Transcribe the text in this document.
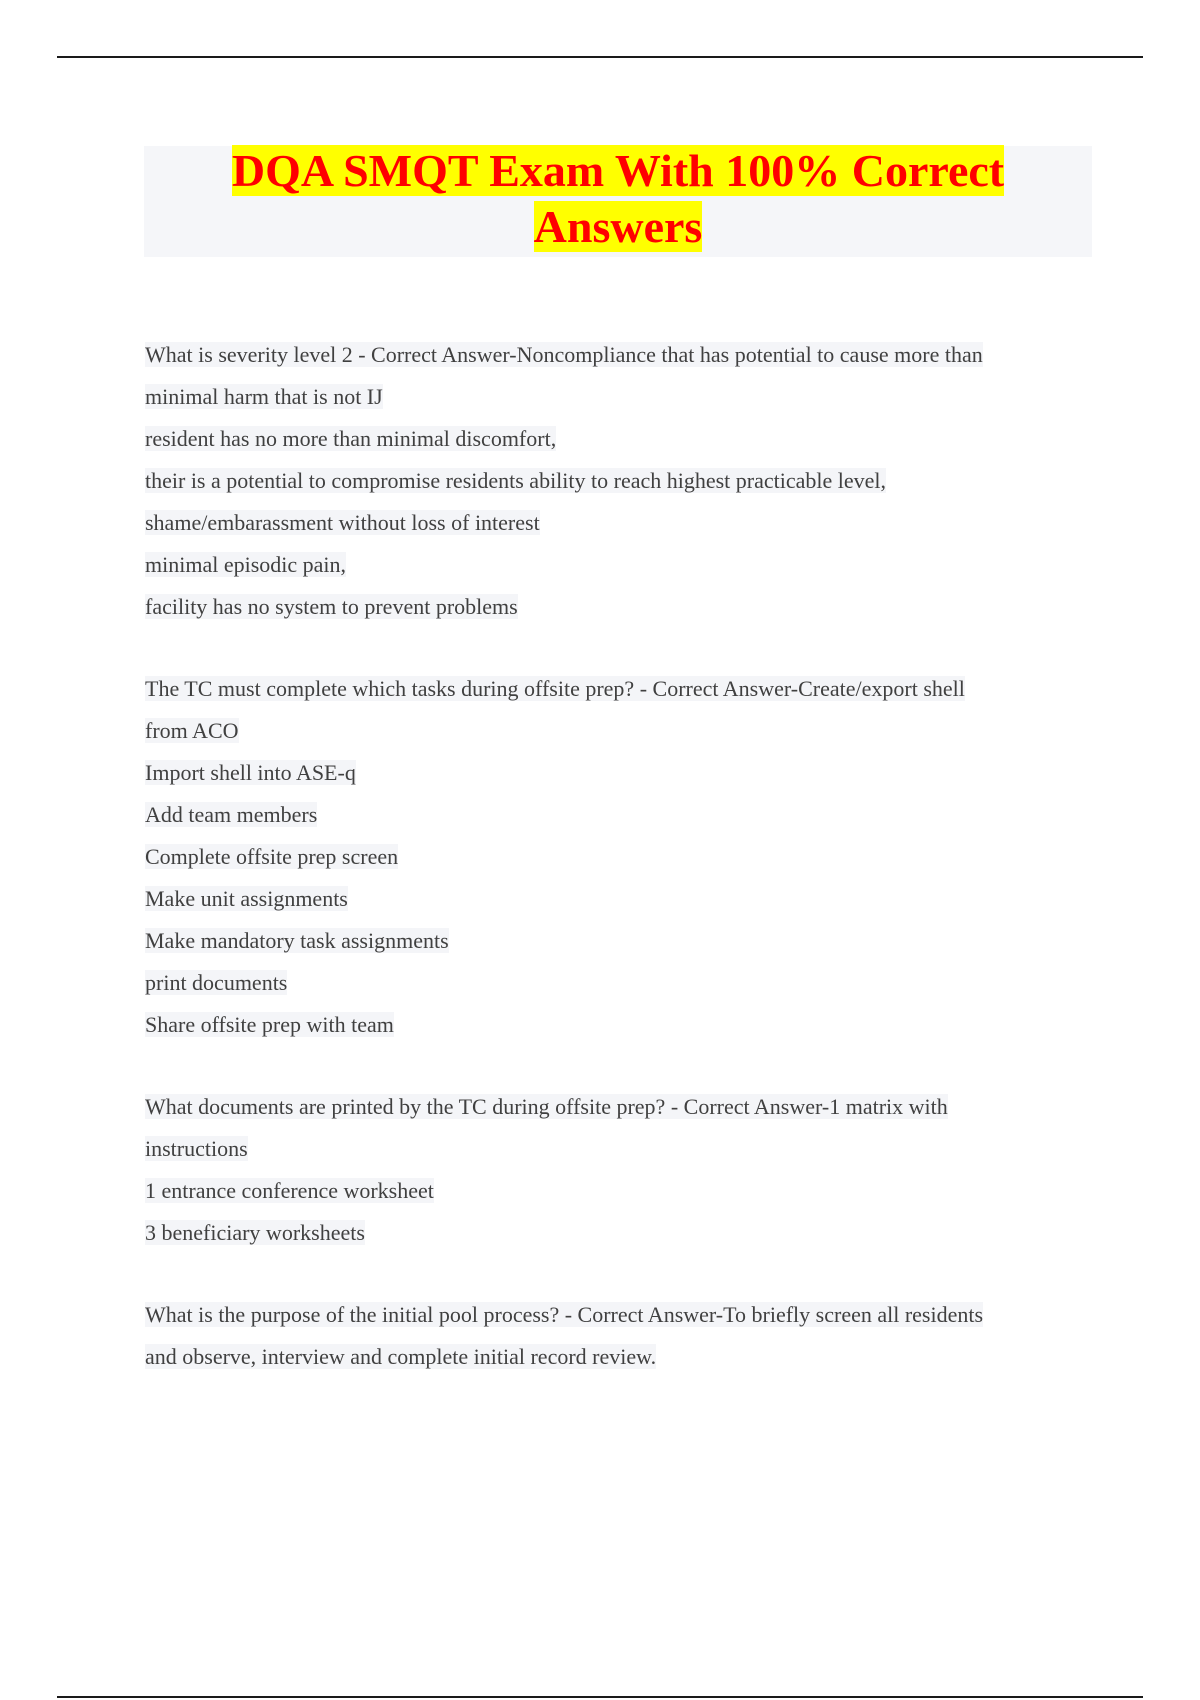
DQA SMQT Exam With 100% Correct Answers

What is severity level 2 - Correct Answer-Noncompliance that has potential to cause more than

minimal harm that is not IJ

resident has no more than minimal discomfort,

their is a potential to compromise residents ability to reach highest practicable level,

shame/embarassment without loss of interest

minimal episodic pain,

facility has no system to prevent problems

The TC must complete which tasks during offsite prep? - Correct Answer-Create/export shell

from ACO

Import shell into ASE-q

Add team members

Complete offsite prep screen

Make unit assignments

Make mandatory task assignments

print documents

Share offsite prep with team

What documents are printed by the TC during offsite prep? - Correct Answer-1 matrix with

instructions

1 entrance conference worksheet

3 beneficiary worksheets

What is the purpose of the initial pool process? - Correct Answer-To briefly screen all residents

and observe, interview and complete initial record review.
